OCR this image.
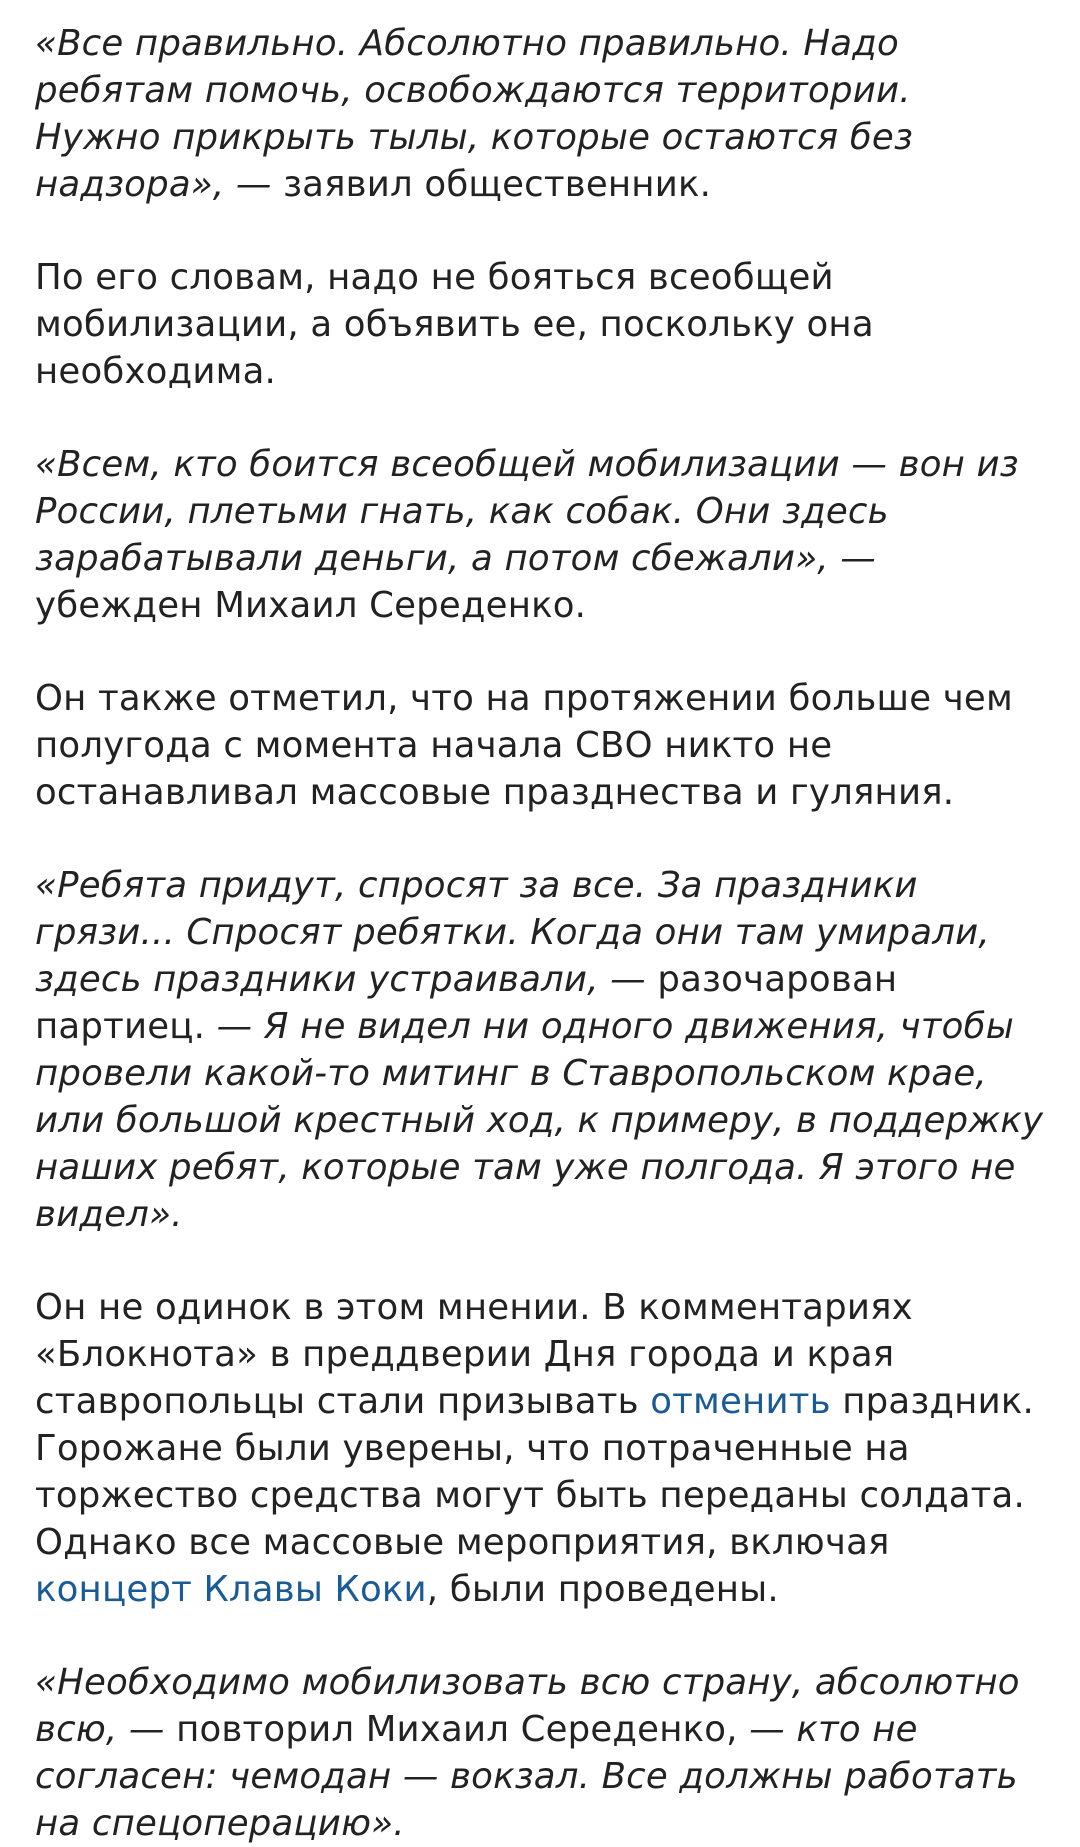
«Все правильно. Абсолютно правильно. Надо ребятам помочь, освобождаются территории. Нужно прикрыть тылы, которые остаются без надзора», — заявил общественник.

По его словам, надо не бояться всеобщей мобилизации, а объявить ее, поскольку она необходима.

«Всем, кто боится всеобщей мобилизации — вон из России, плетьми гнать, как собак. Они здесь зарабатывали деньги, а потом сбежали», — убежден Михаил Середенко.

Он также отметил, что на протяжении больше чем полугода с момента начала СВО никто не останавливал массовые празднества и гуляния.

«Ребята придут, спросят за все. За праздники грязи... Спросят ребятки. Когда они там умирали, здесь праздники устраивали, — разочарован партиец. — Я не видел ни одного движения, чтобы провели какой-то митинг в Ставропольском крае, или большой крестный ход, к примеру, в поддержку наших ребят, которые там уже полгода. Я этого не видел».

Он не одинок в этом мнении. В комментариях «Блокнота» в преддверии Дня города и края ставропольцы стали призывать отменить праздник. Горожане были уверены, что потраченные на торжество средства могут быть переданы солдата. Однако все массовые мероприятия, включая концерт Клавы Коки, были проведены.

«Необходимо мобилизовать всю страну, абсолютно всю, — повторил Михаил Середенко, — кто не согласен: чемодан — вокзал. Все должны работать на спецоперацию».
